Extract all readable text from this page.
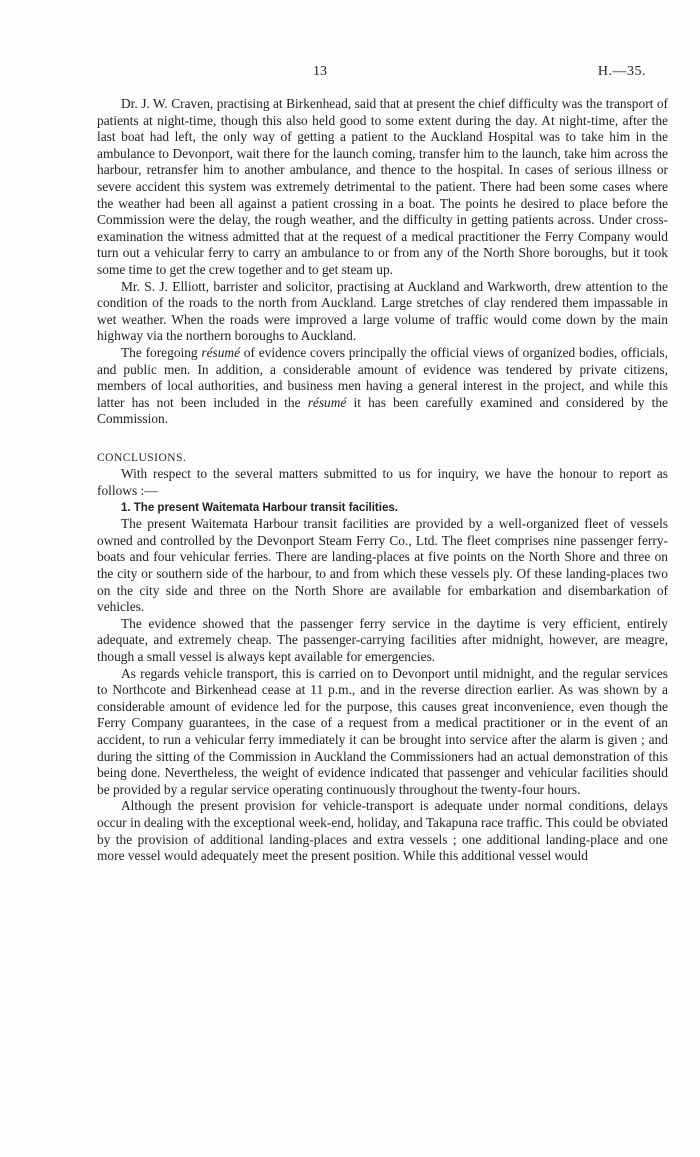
13	H.—35.

Dr. J. W. Craven, practising at Birkenhead, said that at present the chief difficulty was the transport of patients at night-time, though this also held good to some extent during the day. At night-time, after the last boat had left, the only way of getting a patient to the Auckland Hospital was to take him in the ambulance to Devonport, wait there for the launch coming, transfer him to the launch, take him across the harbour, retransfer him to another ambulance, and thence to the hospital. In cases of serious illness or severe accident this system was extremely detrimental to the patient. There had been some cases where the weather had been all against a patient crossing in a boat. The points he desired to place before the Commission were the delay, the rough weather, and the difficulty in getting patients across. Under cross-examination the witness admitted that at the request of a medical practitioner the Ferry Company would turn out a vehicular ferry to carry an ambulance to or from any of the North Shore boroughs, but it took some time to get the crew together and to get steam up.

Mr. S. J. Elliott, barrister and solicitor, practising at Auckland and Warkworth, drew attention to the condition of the roads to the north from Auckland. Large stretches of clay rendered them impassable in wet weather. When the roads were improved a large volume of traffic would come down by the main highway via the northern boroughs to Auckland.

The foregoing résumé of evidence covers principally the official views of organized bodies, officials, and public men. In addition, a considerable amount of evidence was tendered by private citizens, members of local authorities, and business men having a general interest in the project, and while this latter has not been included in the résumé it has been carefully examined and considered by the Commission.

CONCLUSIONS.

With respect to the several matters submitted to us for inquiry, we have the honour to report as follows :—

1. The present Waitemata Harbour transit facilities.

The present Waitemata Harbour transit facilities are provided by a well-organized fleet of vessels owned and controlled by the Devonport Steam Ferry Co., Ltd. The fleet comprises nine passenger ferry-boats and four vehicular ferries. There are landing-places at five points on the North Shore and three on the city or southern side of the harbour, to and from which these vessels ply. Of these landing-places two on the city side and three on the North Shore are available for embarkation and disembarkation of vehicles.

The evidence showed that the passenger ferry service in the daytime is very efficient, entirely adequate, and extremely cheap. The passenger-carrying facilities after midnight, however, are meagre, though a small vessel is always kept available for emergencies.

As regards vehicle transport, this is carried on to Devonport until midnight, and the regular services to Northcote and Birkenhead cease at 11 p.m., and in the reverse direction earlier. As was shown by a considerable amount of evidence led for the purpose, this causes great inconvenience, even though the Ferry Company guarantees, in the case of a request from a medical practitioner or in the event of an accident, to run a vehicular ferry immediately it can be brought into service after the alarm is given ; and during the sitting of the Commission in Auckland the Commissioners had an actual demonstration of this being done. Nevertheless, the weight of evidence indicated that passenger and vehicular facilities should be provided by a regular service operating continuously throughout the twenty-four hours.

Although the present provision for vehicle-transport is adequate under normal conditions, delays occur in dealing with the exceptional week-end, holiday, and Takapuna race traffic. This could be obviated by the provision of additional landing-places and extra vessels ; one additional landing-place and one more vessel would adequately meet the present position. While this additional vessel would
